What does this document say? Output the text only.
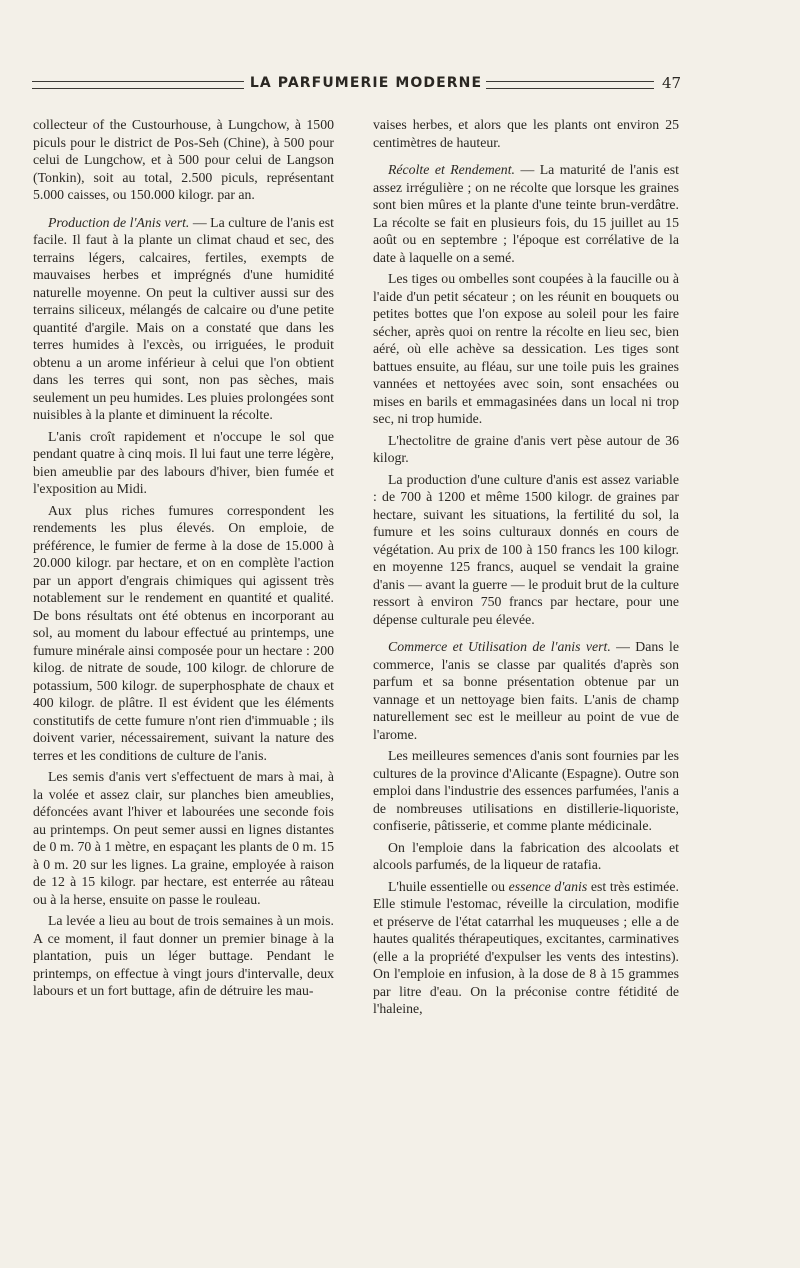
LA PARFUMERIE MODERNE	47

collecteur of the Custourhouse, à Lungchow, à 1500 piculs pour le district de Pos-Seh (Chine), à 500 pour celui de Lungchow, et à 500 pour celui de Langson (Tonkin), soit au total, 2.500 piculs, représentant 5.000 caisses, ou 150.000 kilogr. par an.

Production de l'Anis vert. — La culture de l'anis est facile. Il faut à la plante un climat chaud et sec, des terrains légers, calcaires, fertiles, exempts de mauvaises herbes et imprégnés d'une humidité naturelle moyenne. On peut la cultiver aussi sur des terrains siliceux, mélangés de calcaire ou d'une petite quantité d'argile. Mais on a constaté que dans les terres humides à l'excès, ou irriguées, le produit obtenu a un arome inférieur à celui que l'on obtient dans les terres qui sont, non pas sèches, mais seulement un peu humides. Les pluies prolongées sont nuisibles à la plante et diminuent la récolte.

L'anis croît rapidement et n'occupe le sol que pendant quatre à cinq mois. Il lui faut une terre légère, bien ameublie par des labours d'hiver, bien fumée et l'exposition au Midi.

Aux plus riches fumures correspondent les rendements les plus élevés. On emploie, de préférence, le fumier de ferme à la dose de 15.000 à 20.000 kilogr. par hectare, et on en complète l'action par un apport d'engrais chimiques qui agissent très notablement sur le rendement en quantité et qualité. De bons résultats ont été obtenus en incorporant au sol, au moment du labour effectué au printemps, une fumure minérale ainsi composée pour un hectare : 200 kilog. de nitrate de soude, 100 kilogr. de chlorure de potassium, 500 kilogr. de superphosphate de chaux et 400 kilogr. de plâtre. Il est évident que les éléments constitutifs de cette fumure n'ont rien d'immuable ; ils doivent varier, nécessairement, suivant la nature des terres et les conditions de culture de l'anis.

Les semis d'anis vert s'effectuent de mars à mai, à la volée et assez clair, sur planches bien ameublies, défoncées avant l'hiver et labourées une seconde fois au printemps. On peut semer aussi en lignes distantes de 0 m. 70 à 1 mètre, en espaçant les plants de 0 m. 15 à 0 m. 20 sur les lignes. La graine, employée à raison de 12 à 15 kilogr. par hectare, est enterrée au râteau ou à la herse, ensuite on passe le rouleau.

La levée a lieu au bout de trois semaines à un mois. A ce moment, il faut donner un premier binage à la plantation, puis un léger buttage. Pendant le printemps, on effectue à vingt jours d'intervalle, deux labours et un fort buttage, afin de détruire les mau-

vaises herbes, et alors que les plants ont environ 25 centimètres de hauteur.

Récolte et Rendement. — La maturité de l'anis est assez irrégulière ; on ne récolte que lorsque les graines sont bien mûres et la plante d'une teinte brun-verdâtre. La récolte se fait en plusieurs fois, du 15 juillet au 15 août ou en septembre ; l'époque est corrélative de la date à laquelle on a semé.

Les tiges ou ombelles sont coupées à la faucille ou à l'aide d'un petit sécateur ; on les réunit en bouquets ou petites bottes que l'on expose au soleil pour les faire sécher, après quoi on rentre la récolte en lieu sec, bien aéré, où elle achève sa dessication. Les tiges sont battues ensuite, au fléau, sur une toile puis les graines vannées et nettoyées avec soin, sont ensachées ou mises en barils et emmagasinées dans un local ni trop sec, ni trop humide.

L'hectolitre de graine d'anis vert pèse autour de 36 kilogr.

La production d'une culture d'anis est assez variable : de 700 à 1200 et même 1500 kilogr. de graines par hectare, suivant les situations, la fertilité du sol, la fumure et les soins culturaux donnés en cours de végétation. Au prix de 100 à 150 francs les 100 kilogr. en moyenne 125 francs, auquel se vendait la graine d'anis — avant la guerre — le produit brut de la culture ressort à environ 750 francs par hectare, pour une dépense culturale peu élevée.

Commerce et Utilisation de l'anis vert. — Dans le commerce, l'anis se classe par qualités d'après son parfum et sa bonne présentation obtenue par un vannage et un nettoyage bien faits. L'anis de champ naturellement sec est le meilleur au point de vue de l'arome.

Les meilleures semences d'anis sont fournies par les cultures de la province d'Alicante (Espagne). Outre son emploi dans l'industrie des essences parfumées, l'anis a de nombreuses utilisations en distillerie-liquoriste, confiserie, pâtisserie, et comme plante médicinale.

On l'emploie dans la fabrication des alcoolats et alcools parfumés, de la liqueur de ratafia.

L'huile essentielle ou essence d'anis est très estimée. Elle stimule l'estomac, réveille la circulation, modifie et préserve de l'état catarrhal les muqueuses ; elle a de hautes qualités thérapeutiques, excitantes, carminatives (elle a la propriété d'expulser les vents des intestins). On l'emploie en infusion, à la dose de 8 à 15 grammes par litre d'eau. On la préconise contre fétidité de l'haleine,
